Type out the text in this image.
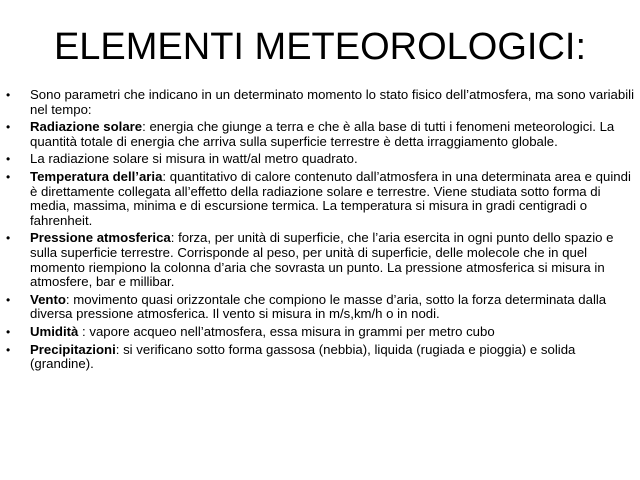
ELEMENTI METEOROLOGICI:
•	Sono parametri che indicano in un determinato momento lo stato fisico dell’atmosfera, ma sono variabili nel tempo:
•	Radiazione solare: energia che giunge a terra e che è alla base di tutti i fenomeni meteorologici. La quantità totale di energia che arriva sulla superficie terrestre è detta irraggiamento globale.
•	La radiazione solare si misura in watt/al metro quadrato.
•	Temperatura dell’aria: quantitativo di calore contenuto dall’atmosfera in una determinata area e quindi è direttamente collegata all’effetto della radiazione solare e terrestre. Viene studiata sotto forma di media, massima, minima e di escursione termica. La temperatura si misura in gradi centigradi o fahrenheit.
•	Pressione atmosferica: forza, per unità di superficie, che l’aria esercita in ogni punto dello spazio e sulla superficie terrestre. Corrisponde al peso, per unità di superficie, delle molecole che in quel momento riempiono la colonna d’aria che sovrasta un punto. La pressione atmosferica si misura in atmosfere, bar e millibar.
•	Vento: movimento quasi orizzontale che compiono le masse d’aria, sotto la forza determinata dalla diversa pressione atmosferica. Il vento si misura in m/s,km/h o in nodi.
•	Umidità : vapore acqueo nell’atmosfera, essa misura in grammi per metro cubo
•	Precipitazioni: si verificano sotto forma gassosa (nebbia), liquida (rugiada e pioggia) e solida (grandine).
